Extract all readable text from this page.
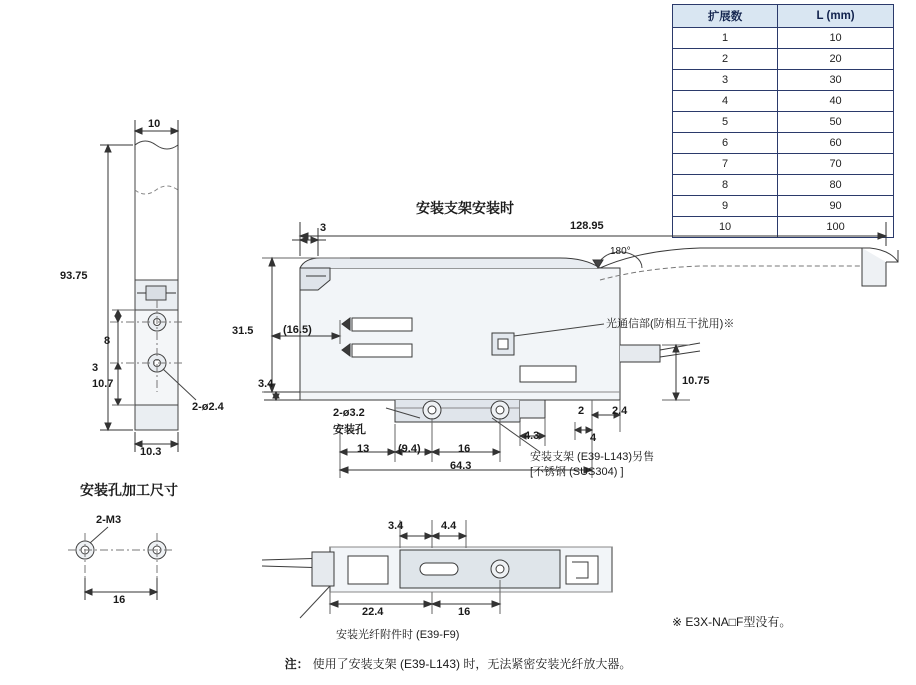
扩展数	L (mm)
1	10
2	20
3	30
4	40
5	50
6	60
7	70
8	80
9	90
10	100
10
93.75
8
3
10.7
10.3
2-ø2.4
安装孔加工尺寸
2-M3
16
安装支架安装时
3	128.95
180°
31.5	(16.5)
3.4	10.75
2.4
2
4
4.3
13	(9.4)	16
64.3
2-ø3.2
安装孔
光通信部(防相互干扰用)※
安装支架 (E39-L143)另售
[不锈钢 (SUS304) ]
3.4	4.4
22.4	16
安装光纤附件时 (E39-F9)
※ E3X-NA□F型没有。
注： 使用了安装支架 (E39-L143) 时，无法紧密安装光纤放大器。
